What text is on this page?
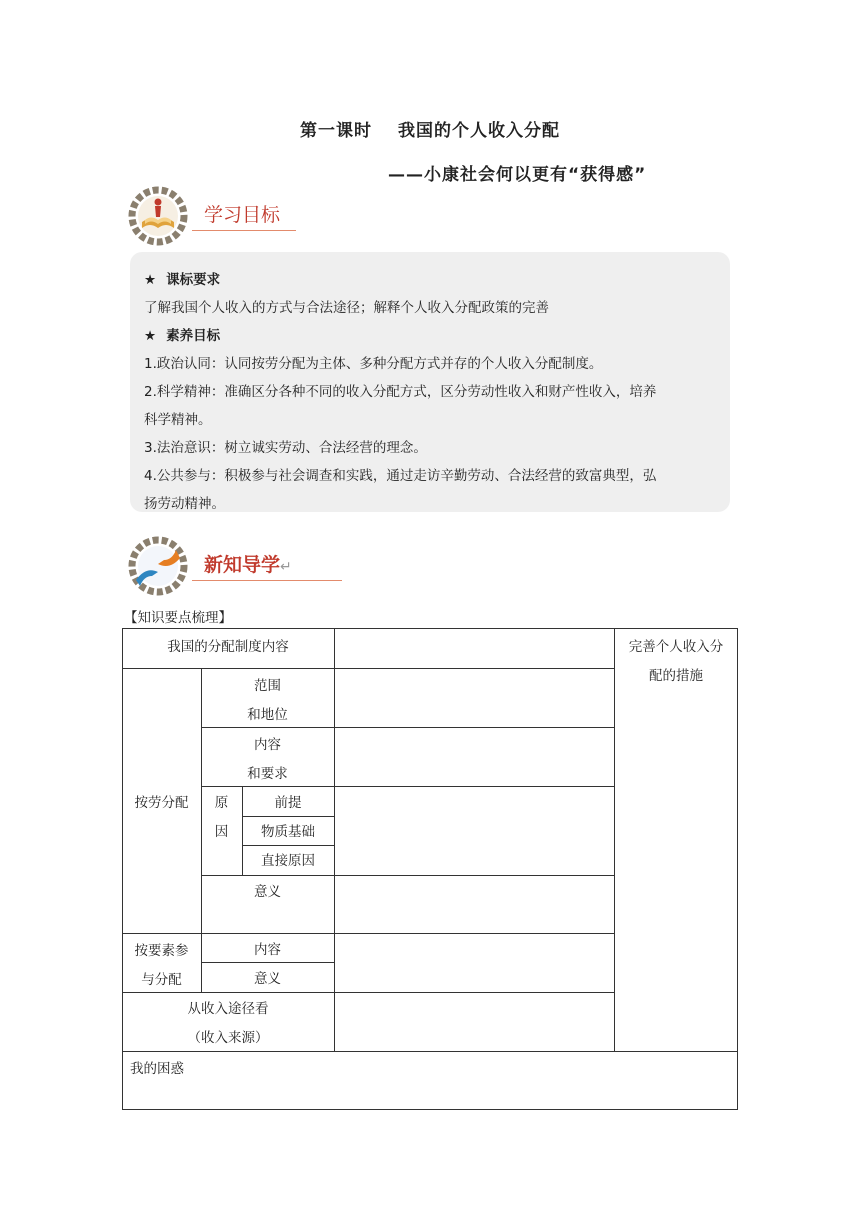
第一课时 我国的个人收入分配
——小康社会何以更有“获得感”
学习目标
★ 课标要求
了解我国个人收入的方式与合法途径；解释个人收入分配政策的完善
★ 素养目标
1.政治认同：认同按劳分配为主体、多种分配方式并存的个人收入分配制度。
2.科学精神：准确区分各种不同的收入分配方式，区分劳动性收入和财产性收入，培养
科学精神。
3.法治意识：树立诚实劳动、合法经营的理念。
4.公共参与：积极参与社会调查和实践，通过走访辛勤劳动、合法经营的致富典型，弘
扬劳动精神。
新知导学↵
【知识要点梳理】
我国的分配制度内容	完善个人收入分
配的措施
按劳分配
范围
和地位
内容
和要求
原
因
前提
物质基础
直接原因
意义
按要素参
与分配
内容
意义
从收入途径看
（收入来源）
我的困惑
